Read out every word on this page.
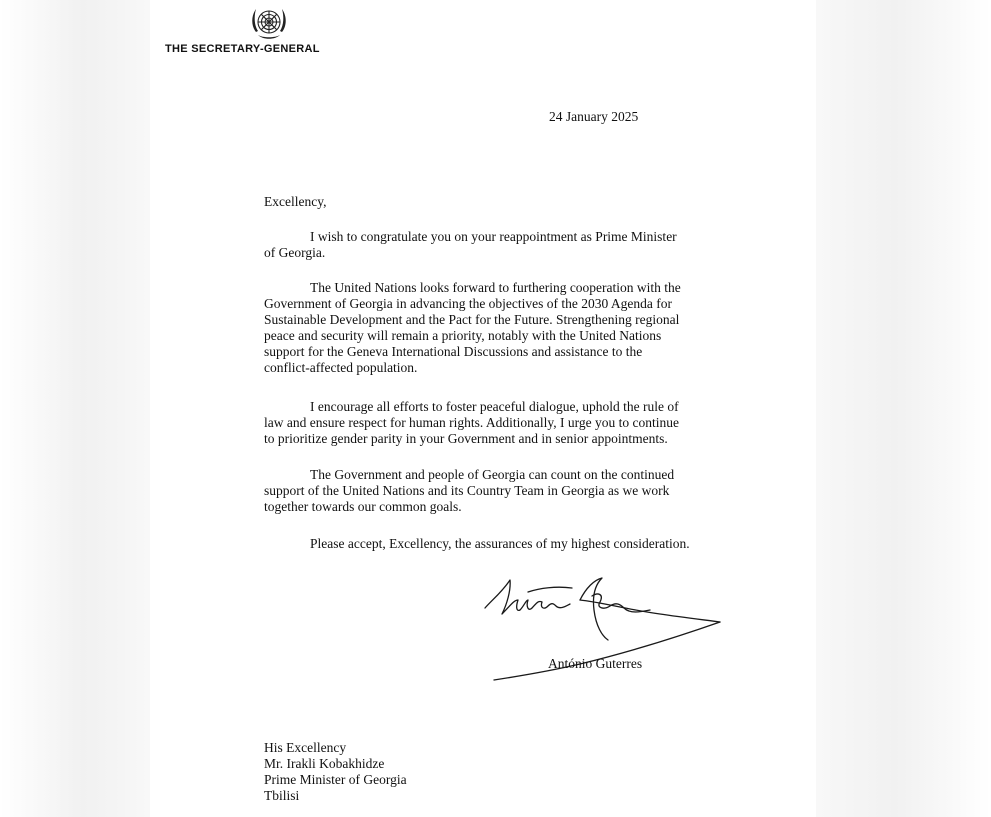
THE SECRETARY-GENERAL
24 January 2025
Excellency,
I wish to congratulate you on your reappointment as Prime Minister
of Georgia.
The United Nations looks forward to furthering cooperation with the
Government of Georgia in advancing the objectives of the 2030 Agenda for
Sustainable Development and the Pact for the Future. Strengthening regional
peace and security will remain a priority, notably with the United Nations
support for the Geneva International Discussions and assistance to the
conflict-affected population.
I encourage all efforts to foster peaceful dialogue, uphold the rule of
law and ensure respect for human rights. Additionally, I urge you to continue
to prioritize gender parity in your Government and in senior appointments.
The Government and people of Georgia can count on the continued
support of the United Nations and its Country Team in Georgia as we work
together towards our common goals.
Please accept, Excellency, the assurances of my highest consideration.
António Guterres
His Excellency
Mr. Irakli Kobakhidze
Prime Minister of Georgia
Tbilisi
